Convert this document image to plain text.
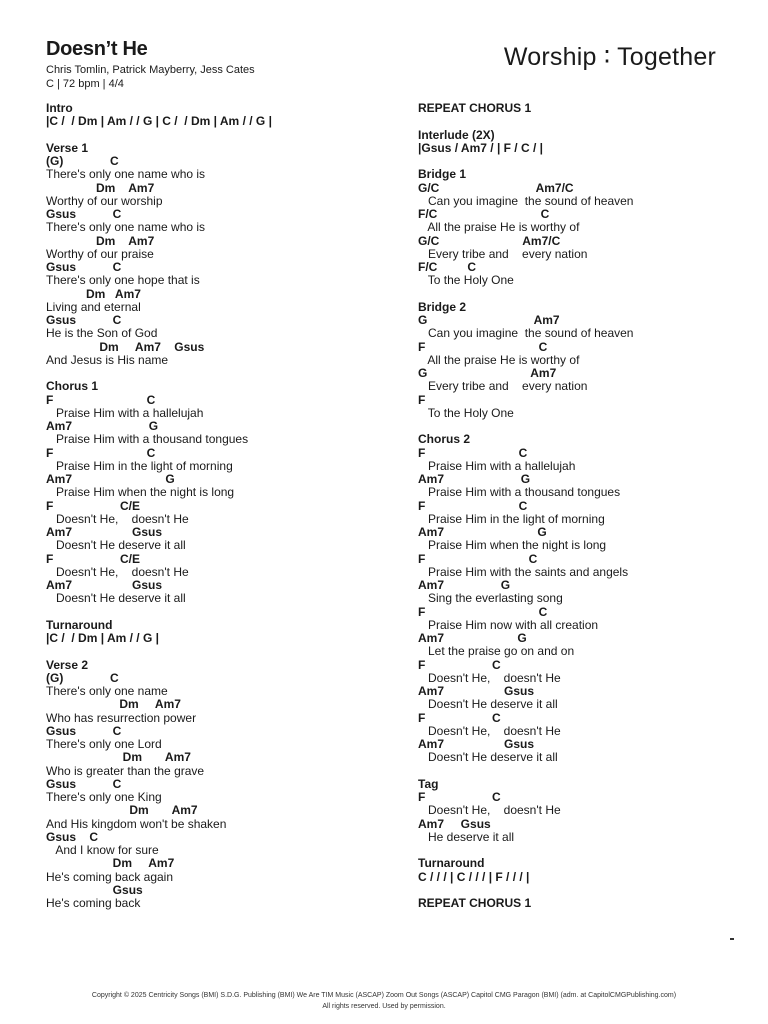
Doesn’t He
Chris Tomlin, Patrick Mayberry, Jess Cates
C | 72 bpm | 4/4
Worship ∶ Together
Intro
|C /  / Dm | Am / / G | C /  / Dm | Am / / G |
Verse 1
(G)              C
There's only one name who is
Dm    Am7
Worthy of our worship
Gsus           C
There's only one name who is
Dm    Am7
Worthy of our praise
Gsus           C
There's only one hope that is
Dm   Am7
Living and eternal
Gsus           C
He is the Son of God
Dm     Am7    Gsus
And Jesus is His name
Chorus 1
F                            C
Praise Him with a hallelujah
Am7                       G
Praise Him with a thousand tongues
F                            C
Praise Him in the light of morning
Am7                            G
Praise Him when the night is long
F                    C/E
Doesn't He,    doesn't He
Am7                  Gsus
Doesn't He deserve it all
F                    C/E
Doesn't He,    doesn't He
Am7                  Gsus
Doesn't He deserve it all
Turnaround
|C /  / Dm | Am / / G |
Verse 2
(G)              C
There's only one name
Dm     Am7
Who has resurrection power
Gsus           C
There's only one Lord
Dm       Am7
Who is greater than the grave
Gsus           C
There's only one King
Dm       Am7
And His kingdom won't be shaken
Gsus    C
And I know for sure
Dm     Am7
He's coming back again
Gsus
He's coming back
REPEAT CHORUS 1
Interlude (2X)
|Gsus / Am7 / | F / C / |
Bridge 1
G/C                             Am7/C
Can you imagine  the sound of heaven
F/C                               C
All the praise He is worthy of
G/C                         Am7/C
Every tribe and    every nation
F/C         C
To the Holy One
Bridge 2
G                                Am7
Can you imagine  the sound of heaven
F                                  C
All the praise He is worthy of
G                               Am7
Every tribe and    every nation
F
To the Holy One
Chorus 2
F                            C
Praise Him with a hallelujah
Am7                       G
Praise Him with a thousand tongues
F                            C
Praise Him in the light of morning
Am7                            G
Praise Him when the night is long
F                               C
Praise Him with the saints and angels
Am7                 G
Sing the everlasting song
F                                  C
Praise Him now with all creation
Am7                      G
Let the praise go on and on
F                    C
Doesn't He,    doesn't He
Am7                  Gsus
Doesn't He deserve it all
F                    C
Doesn't He,    doesn't He
Am7                  Gsus
Doesn't He deserve it all
Tag
F                    C
Doesn't He,    doesn't He
Am7     Gsus
He deserve it all
Turnaround
C / / / | C / / / | F / / / |
REPEAT CHORUS 1
Copyright © 2025 Centricity Songs (BMI) S.D.G. Publishing (BMI) We Are TIM Music (ASCAP) Zoom Out Songs (ASCAP) Capitol CMG Paragon (BMI) (adm. at CapitolCMGPublishing.com)
All rights reserved. Used by permission.
